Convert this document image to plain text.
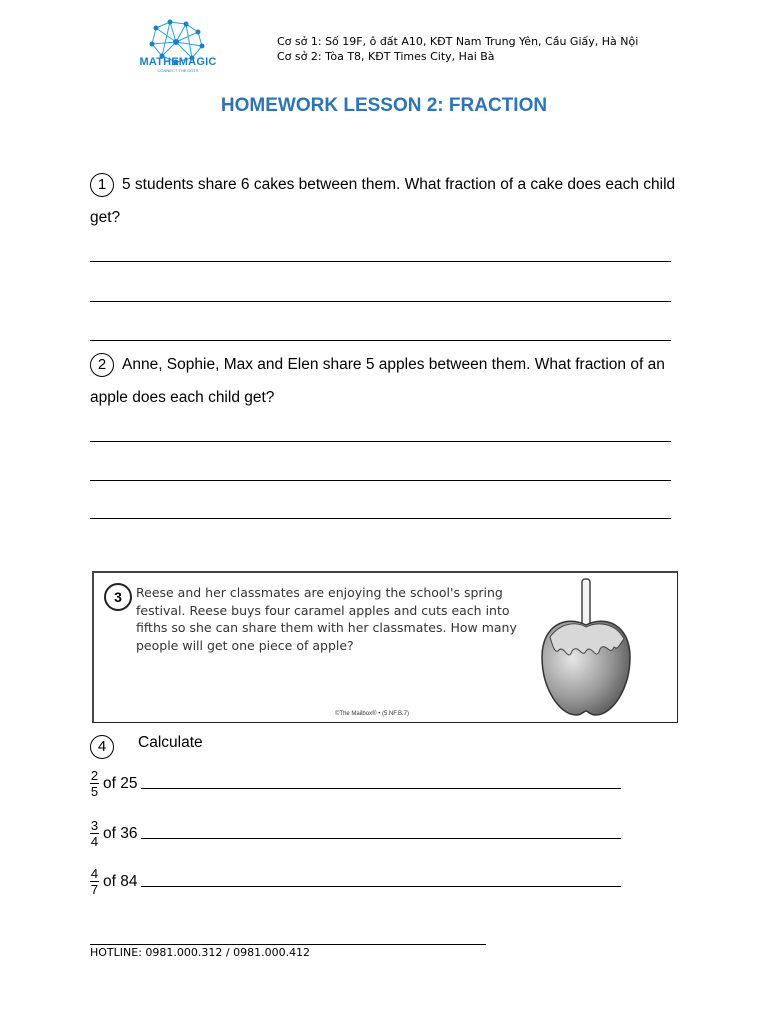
MATHEMAGIC
CONNECT THE DOTS
Cơ sở 1: Số 19F, ô đất A10, KĐT Nam Trung Yên, Cầu Giấy, Hà Nội
Cơ sở 2: Tòa T8, KĐT Times City, Hai Bà
HOMEWORK LESSON 2: FRACTION
1 5 students share 6 cakes between them. What fraction of a cake does each child get?
2 Anne, Sophie, Max and Elen share 5 apples between them. What fraction of an apple does each child get?
3	Reese and her classmates are enjoying the school's spring festival. Reese buys four caramel apples and cuts each into fifths so she can share them with her classmates. How many people will get one piece of apple?
©The Mailbox® • (5.NF.B.7)
4	Calculate
$\frac{2}{5}$ of 25
$\frac{3}{4}$ of 36
$\frac{4}{7}$ of 84
HOTLINE: 0981.000.312 / 0981.000.412
